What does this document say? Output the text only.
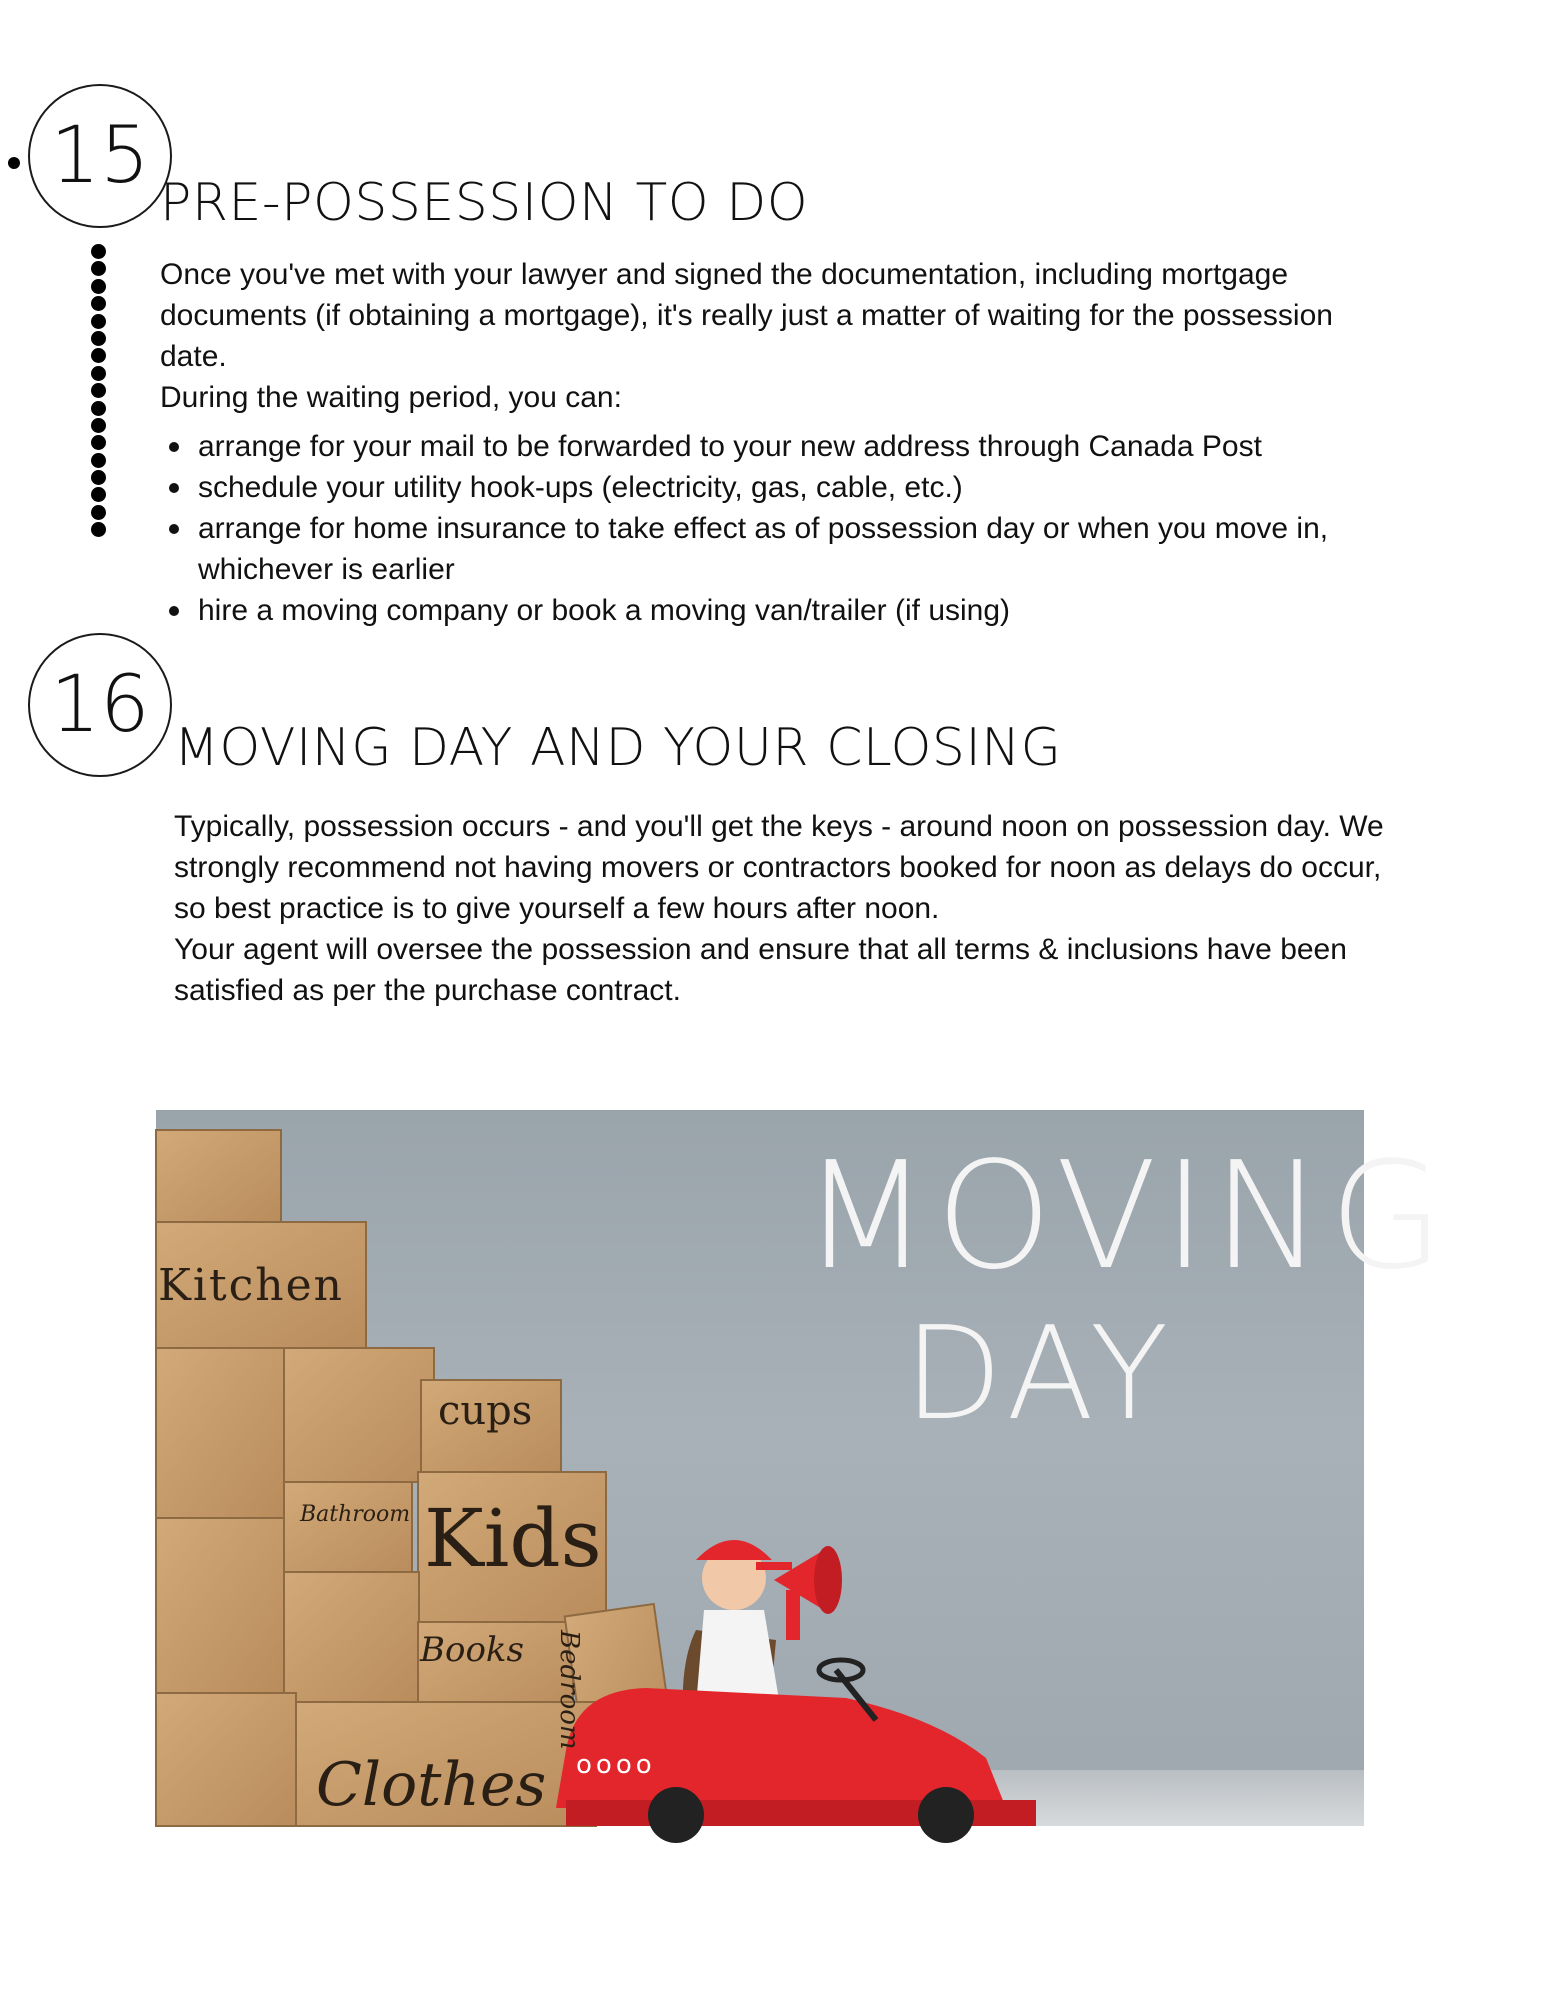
15
16
PRE-POSSESSION TO DO

Once you've met with your lawyer and signed the documentation, including mortgage documents (if obtaining a mortgage), it's really just a matter of waiting for the possession date.

During the waiting period, you can:

arrange for your mail to be forwarded to your new address through Canada Post
schedule your utility hook-ups (electricity, gas, cable, etc.)
arrange for home insurance to take effect as of possession day or when you move in, whichever is earlier
hire a moving company or book a moving van/trailer (if using)
MOVING DAY AND YOUR CLOSING

Typically, possession occurs - and you'll get the keys - around noon on possession day. We strongly recommend not having movers or contractors booked for noon as delays do occur, so best practice is to give yourself a few hours after noon.

Your agent will oversee the possession and ensure that all terms & inclusions have been satisfied as per the purchase contract.

MOVING
DAY
Kitchen
cups
Bathroom Kids
Books Bedroom
Clothes oooo
